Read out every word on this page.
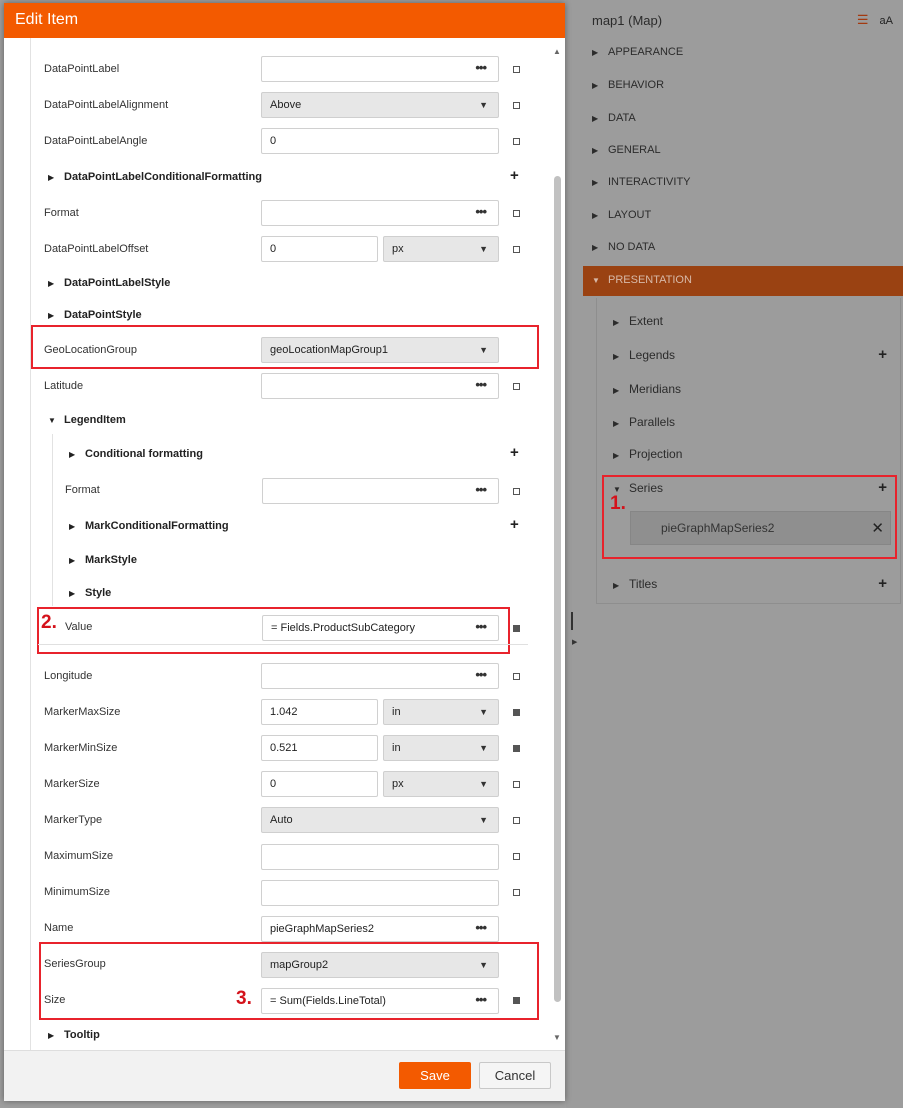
map1 (Map)	☰ aA
▶ APPEARANCE
▶ BEHAVIOR
▶ DATA
▶ GENERAL
▶ INTERACTIVITY
▶ LAYOUT
▶ NO DATA
▼ PRESENTATION
▶ Extent
▶ Legends	+
▶ Meridians
▶ Parallels
▶ Projection
▼ Series	+
pieGraphMapSeries2	✕
▶ Titles	+
1.
▶
Edit Item
▲
▼
DataPointLabel	•••
DataPointLabelAlignment	Above	▼
DataPointLabelAngle	0
▶ DataPointLabelConditionalFormatting	+
Format	•••
DataPointLabelOffset	0	px	▼
▶ DataPointLabelStyle
▶ DataPointStyle
GeoLocationGroup	geoLocationMapGroup1	▼
Latitude	•••
▼ LegendItem
▶ Conditional formatting	+
Format	•••
▶ MarkConditionalFormatting	+
▶ MarkStyle
▶ Style
Value	= Fields.ProductSubCategory	•••
2.
Longitude	•••
MarkerMaxSize	1.042	in	▼
MarkerMinSize	0.521	in	▼
MarkerSize	0	px	▼
MarkerType	Auto	▼
MaximumSize
MinimumSize
Name	pieGraphMapSeries2	•••
SeriesGroup	mapGroup2	▼
Size	= Sum(Fields.LineTotal)	•••
3.
▶ Tooltip
Save	Cancel
